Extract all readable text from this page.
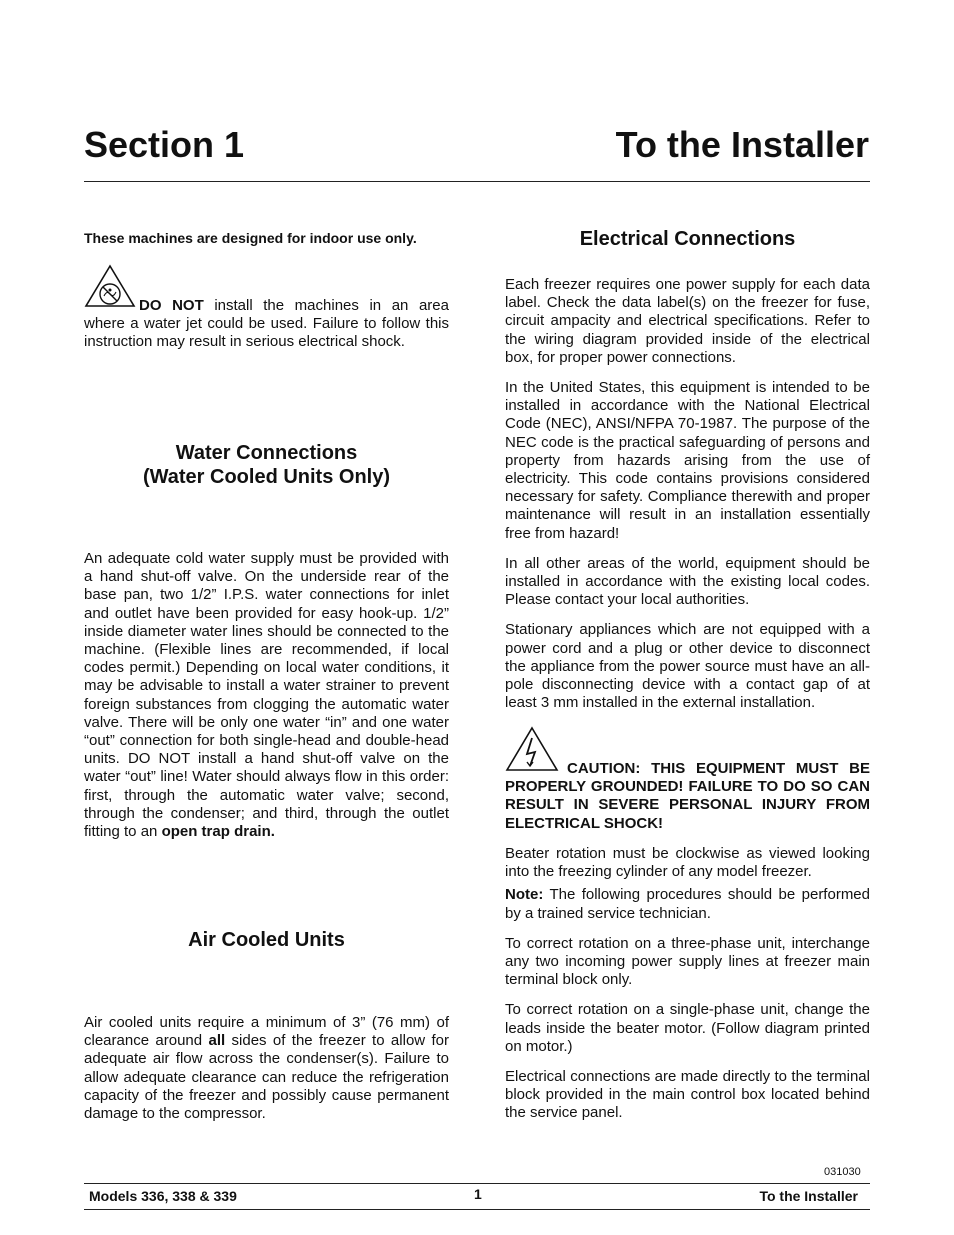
Section 1	To the Installer

These machines are designed for indoor use only.

DO NOT install the machines in an area where a water jet could be used. Failure to follow this instruction may result in serious electrical shock.

Water Connections
(Water Cooled Units Only)

An adequate cold water supply must be provided with a hand shut-off valve. On the underside rear of the base pan, two 1/2” I.P.S. water connections for inlet and outlet have been provided for easy hook-up. 1/2” inside diameter water lines should be connected to the machine. (Flexible lines are recommended, if local codes permit.) Depending on local water conditions, it may be advisable to install a water strainer to prevent foreign substances from clogging the automatic water valve. There will be only one water “in” and one water “out” connection for both single-head and double-head units. DO NOT install a hand shut-off valve on the water “out” line! Water should always flow in this order: first, through the automatic water valve; second, through the condenser; and third, through the outlet fitting to an open trap drain.

Air Cooled Units

Air cooled units require a minimum of 3” (76 mm) of clearance around all sides of the freezer to allow for adequate air flow across the condenser(s). Failure to allow adequate clearance can reduce the refrigeration capacity of the freezer and possibly cause permanent damage to the compressor.

Electrical Connections

Each freezer requires one power supply for each data label. Check the data label(s) on the freezer for fuse, circuit ampacity and electrical specifications. Refer to the wiring diagram provided inside of the electrical box, for proper power connections.

In the United States, this equipment is intended to be installed in accordance with the National Electrical Code (NEC), ANSI/NFPA 70-1987. The purpose of the NEC code is the practical safeguarding of persons and property from hazards arising from the use of electricity. This code contains provisions considered necessary for safety. Compliance therewith and proper maintenance will result in an installation essentially free from hazard!

In all other areas of the world, equipment should be installed in accordance with the existing local codes. Please contact your local authorities.

Stationary appliances which are not equipped with a power cord and a plug or other device to disconnect the appliance from the power source must have an all-pole disconnecting device with a contact gap of at least 3 mm installed in the external installation.

CAUTION: THIS EQUIPMENT MUST BE PROPERLY GROUNDED! FAILURE TO DO SO CAN RESULT IN SEVERE PERSONAL INJURY FROM ELECTRICAL SHOCK!

Beater rotation must be clockwise as viewed looking into the freezing cylinder of any model freezer.

Note: The following procedures should be performed by a trained service technician.

To correct rotation on a three-phase unit, interchange any two incoming power supply lines at freezer main terminal block only.

To correct rotation on a single-phase unit, change the leads inside the beater motor. (Follow diagram printed on motor.)

Electrical connections are made directly to the terminal block provided in the main control box located behind the service panel.

031030
Models 336, 338 & 339	1	To the Installer
